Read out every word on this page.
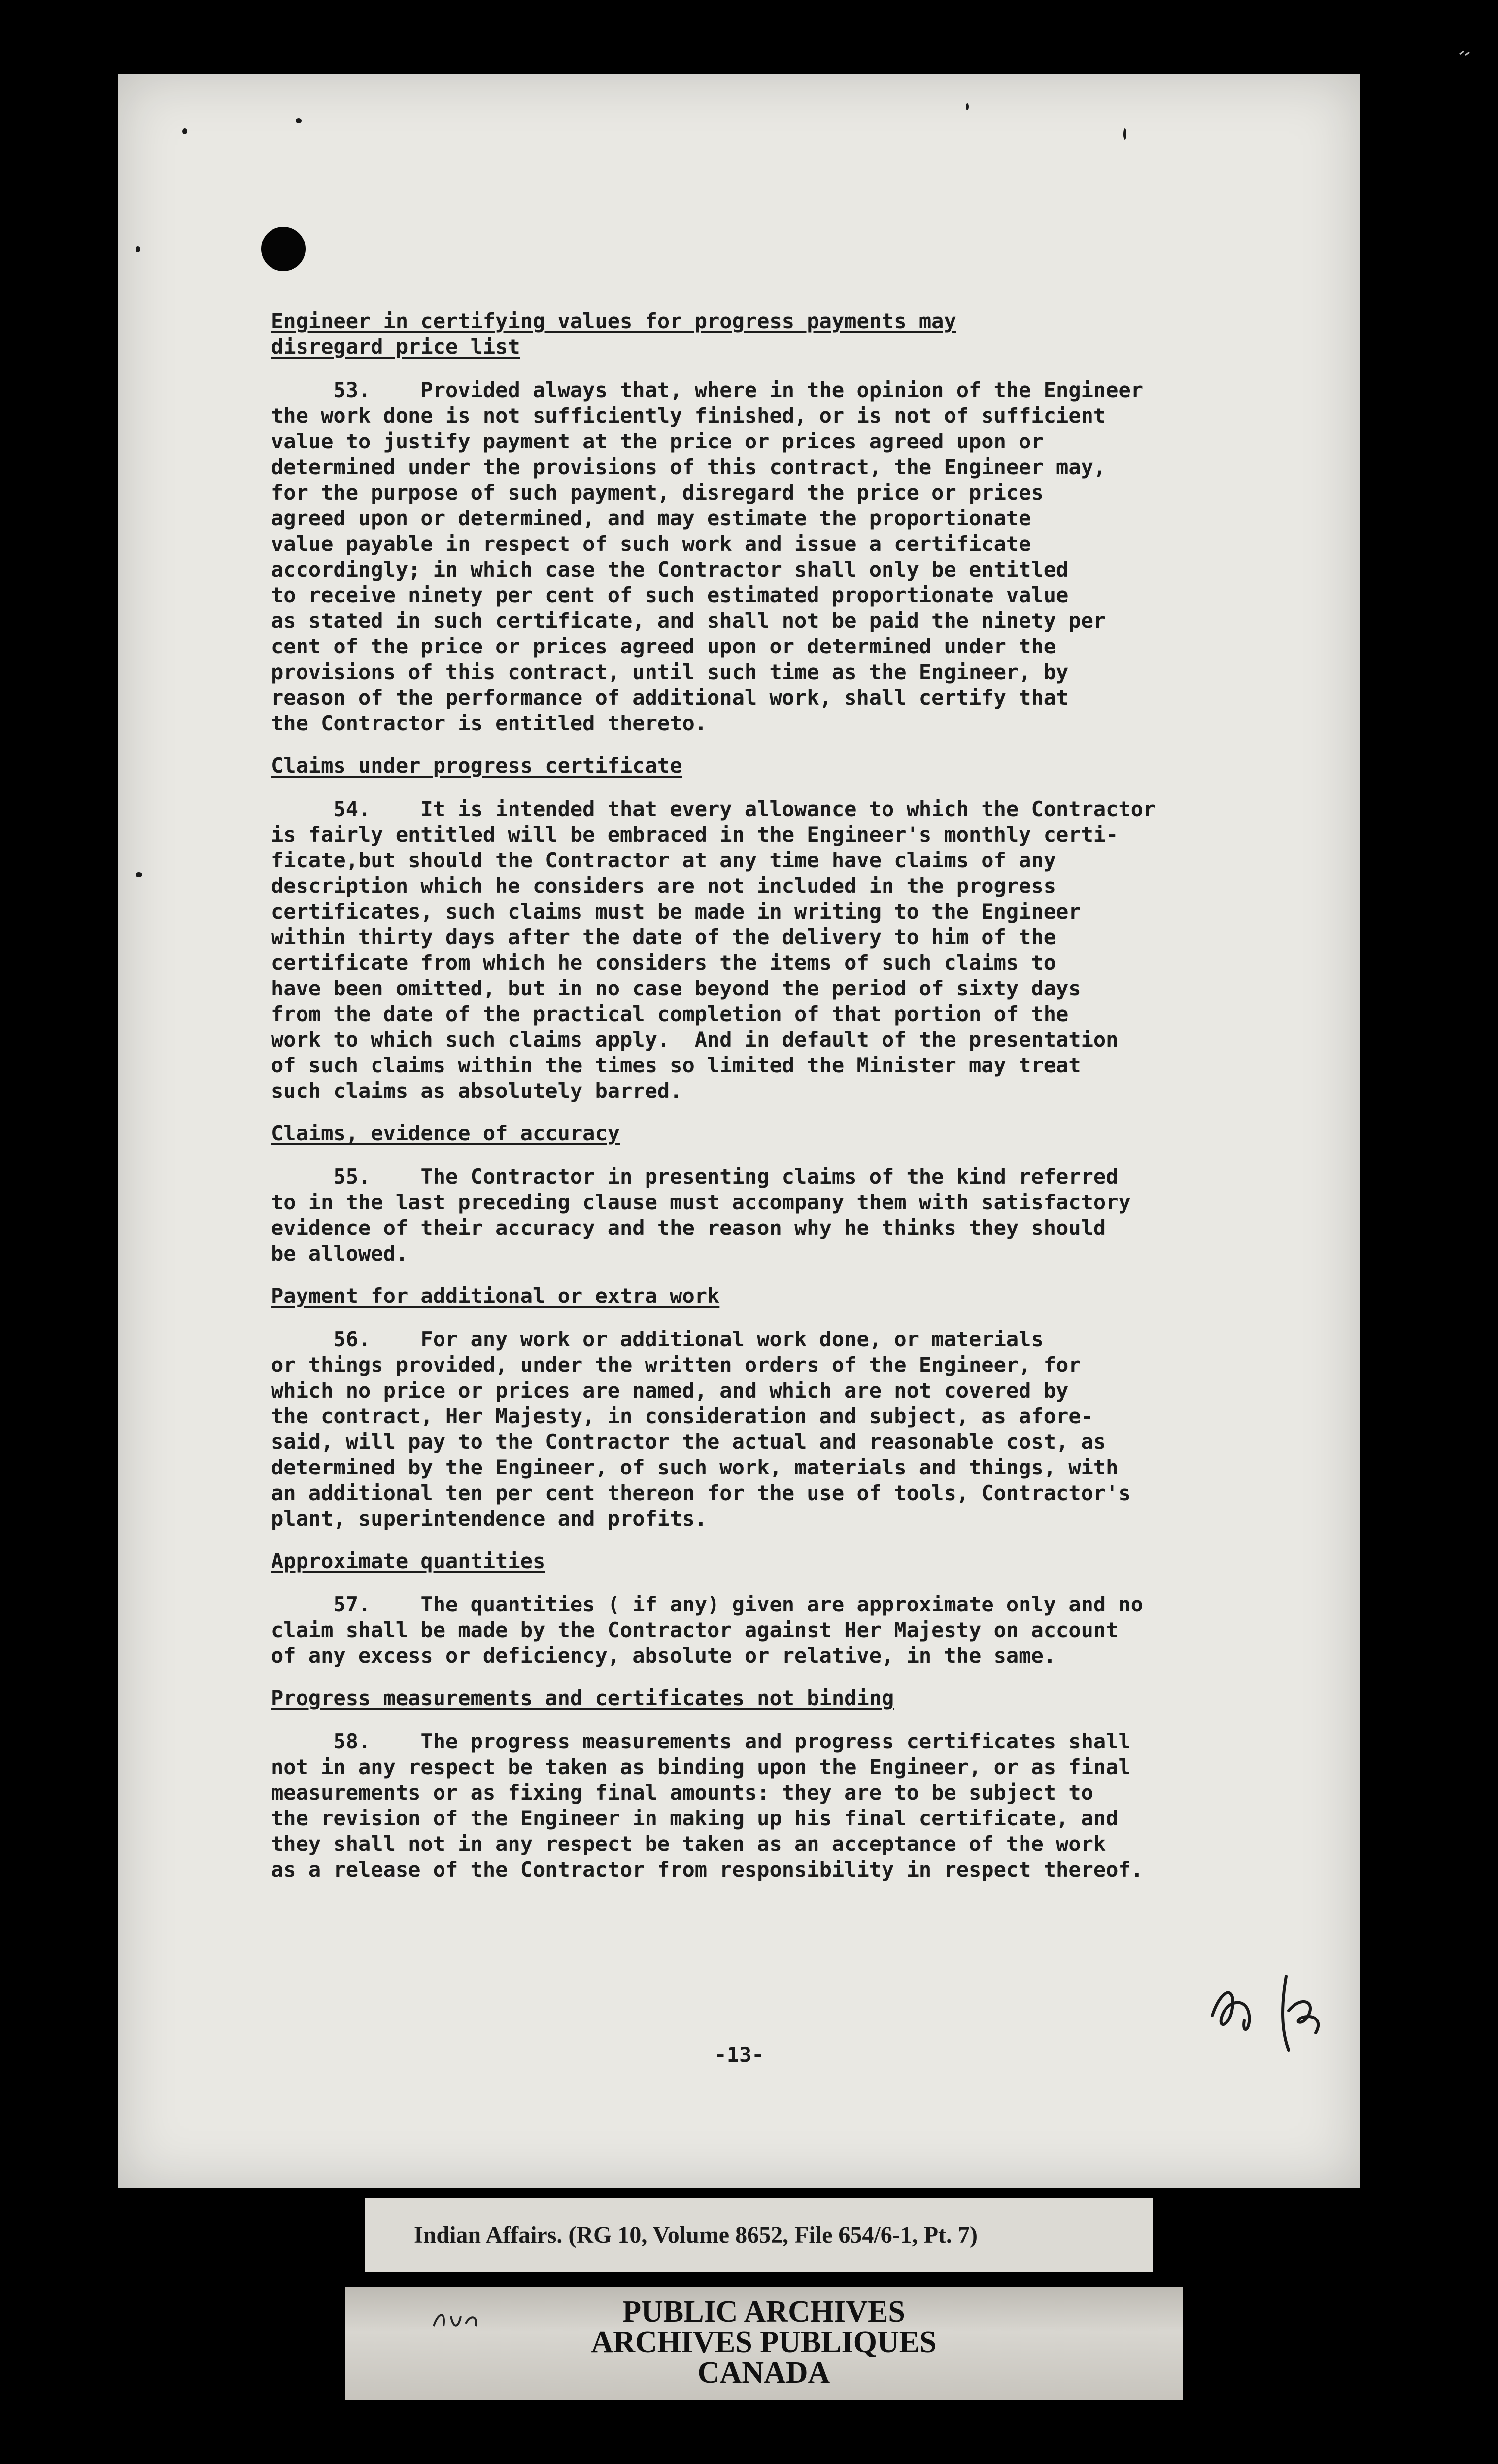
Engineer in certifying values for progress payments may
disregard price list

53.    Provided always that, where in the opinion of the Engineer
the work done is not sufficiently finished, or is not of sufficient
value to justify payment at the price or prices agreed upon or
determined under the provisions of this contract, the Engineer may,
for the purpose of such payment, disregard the price or prices
agreed upon or determined, and may estimate the proportionate
value payable in respect of such work and issue a certificate
accordingly; in which case the Contractor shall only be entitled
to receive ninety per cent of such estimated proportionate value
as stated in such certificate, and shall not be paid the ninety per
cent of the price or prices agreed upon or determined under the
provisions of this contract, until such time as the Engineer, by
reason of the performance of additional work, shall certify that
the Contractor is entitled thereto.

Claims under progress certificate

54.    It is intended that every allowance to which the Contractor
is fairly entitled will be embraced in the Engineer's monthly certi-
ficate,but should the Contractor at any time have claims of any
description which he considers are not included in the progress
certificates, such claims must be made in writing to the Engineer
within thirty days after the date of the delivery to him of the
certificate from which he considers the items of such claims to
have been omitted, but in no case beyond the period of sixty days
from the date of the practical completion of that portion of the
work to which such claims apply.  And in default of the presentation
of such claims within the times so limited the Minister may treat
such claims as absolutely barred.

Claims, evidence of accuracy

55.    The Contractor in presenting claims of the kind referred
to in the last preceding clause must accompany them with satisfactory
evidence of their accuracy and the reason why he thinks they should
be allowed.

Payment for additional or extra work

56.    For any work or additional work done, or materials
or things provided, under the written orders of the Engineer, for
which no price or prices are named, and which are not covered by
the contract, Her Majesty, in consideration and subject, as afore-
said, will pay to the Contractor the actual and reasonable cost, as
determined by the Engineer, of such work, materials and things, with
an additional ten per cent thereon for the use of tools, Contractor's
plant, superintendence and profits.

Approximate quantities

57.    The quantities ( if any) given are approximate only and no
claim shall be made by the Contractor against Her Majesty on account
of any excess or deficiency, absolute or relative, in the same.

Progress measurements and certificates not binding

58.    The progress measurements and progress certificates shall
not in any respect be taken as binding upon the Engineer, or as final
measurements or as fixing final amounts: they are to be subject to
the revision of the Engineer in making up his final certificate, and
they shall not in any respect be taken as an acceptance of the work
as a release of the Contractor from responsibility in respect thereof.

-13-
Indian Affairs. (RG 10, Volume 8652, File 654/6-1, Pt. 7)
PUBLIC ARCHIVES
ARCHIVES PUBLIQUES
CANADA
